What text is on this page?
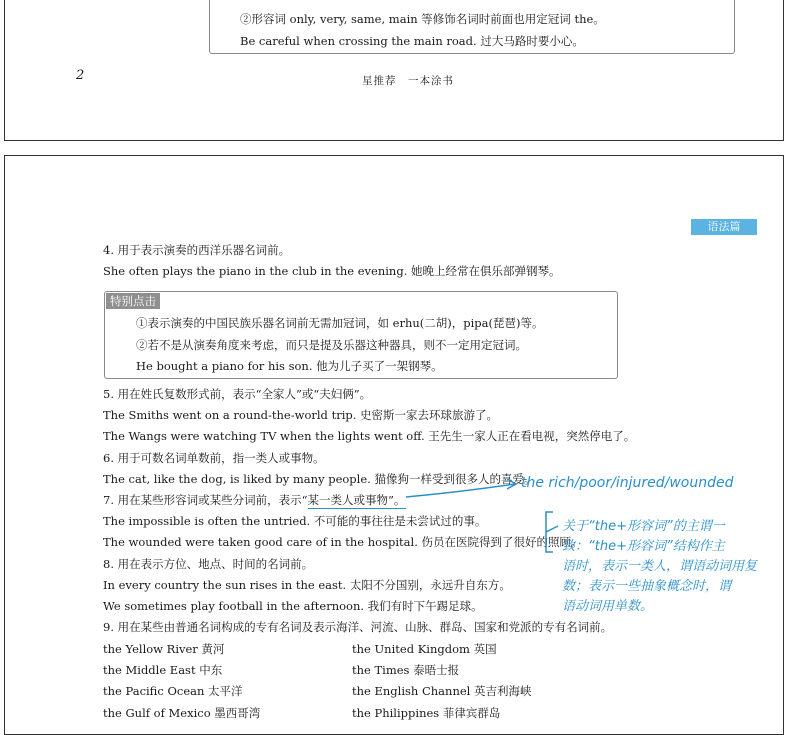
②形容词 only, very, same, main 等修饰名词时前面也用定冠词 the。
Be careful when crossing the main road. 过大马路时要小心。
2	星推荐　一本涂书
语法篇
4. 用于表示演奏的西洋乐器名词前。
She often plays the piano in the club in the evening. 她晚上经常在俱乐部弹钢琴。
特别点击
①表示演奏的中国民族乐器名词前无需加冠词，如 erhu(二胡)，pipa(琵琶)等。
②若不是从演奏角度来考虑，而只是提及乐器这种器具，则不一定用定冠词。
He bought a piano for his son. 他为儿子买了一架钢琴。
5. 用在姓氏复数形式前，表示“全家人”或“夫妇俩”。
The Smiths went on a round-the-world trip. 史密斯一家去环球旅游了。
The Wangs were watching TV when the lights went off. 王先生一家人正在看电视，突然停电了。
6. 用于可数名词单数前，指一类人或事物。
The cat, like the dog, is liked by many people. 猫像狗一样受到很多人的喜爱。
7. 用在某些形容词或某些分词前，表示“某一类人或事物”。
The impossible is often the untried. 不可能的事往往是未尝试过的事。
The wounded were taken good care of in the hospital. 伤员在医院得到了很好的照顾。
8. 用在表示方位、地点、时间的名词前。
In every country the sun rises in the east. 太阳不分国别，永远升自东方。
We sometimes play football in the afternoon. 我们有时下午踢足球。
9. 用在某些由普通名词构成的专有名词及表示海洋、河流、山脉、群岛、国家和党派的专有名词前。
the Yellow River 黄河
the Middle East 中东
the Pacific Ocean 太平洋
the Gulf of Mexico 墨西哥湾
the United Kingdom 英国
the Times 泰晤士报
the English Channel 英吉利海峡
the Philippines 菲律宾群岛
the rich/poor/injured/wounded
关于“the+形容词”的主谓一
致：“the+形容词”结构作主
语时，表示一类人，谓语动词用复
数；表示一些抽象概念时，谓
语动词用单数。
